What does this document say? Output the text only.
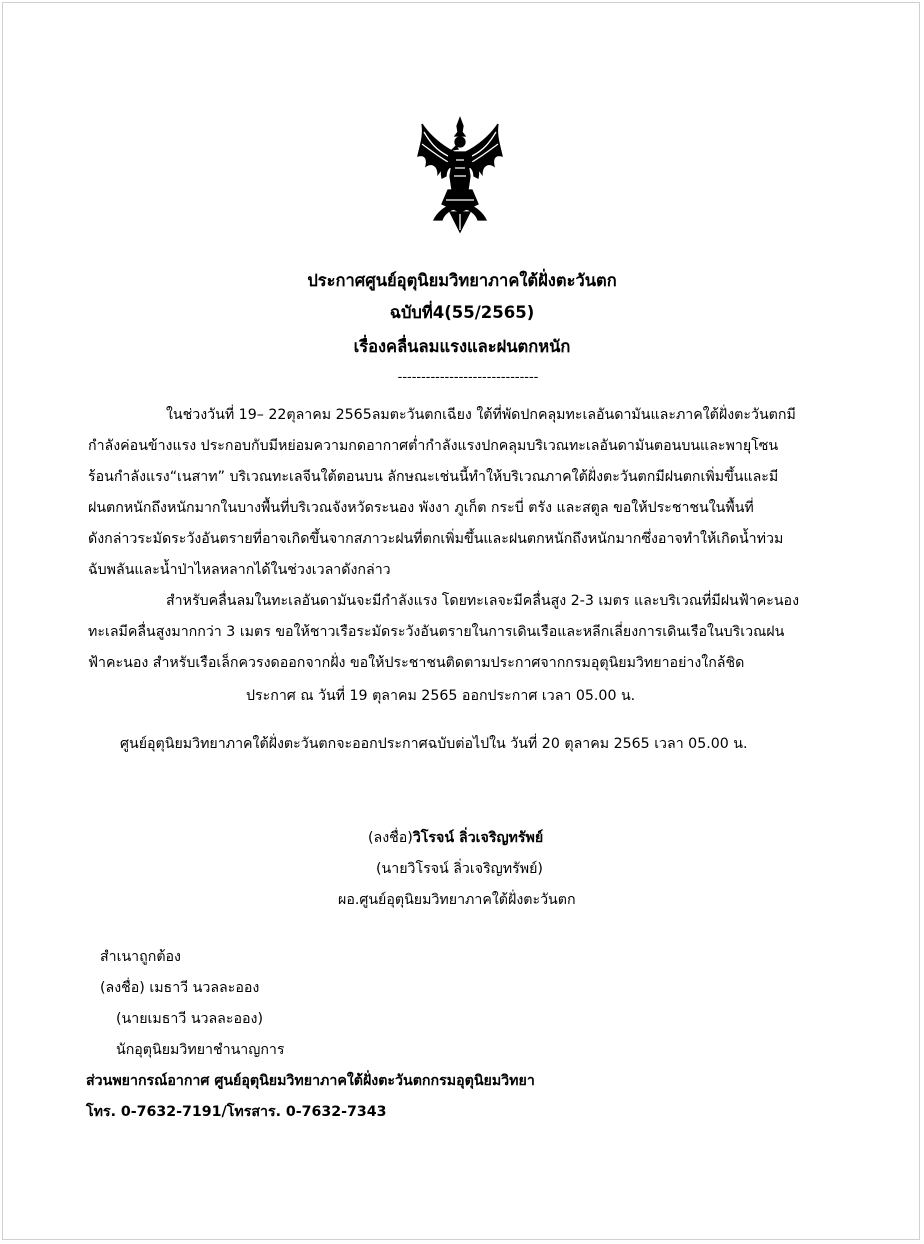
ประกาศศูนย์อุตุนิยมวิทยาภาคใต้ฝั่งตะวันตก
ฉบับที่4(55/2565)
เรื่องคลื่นลมแรงและฝนตกหนัก
------------------------------
ในช่วงวันที่ 19– 22ตุลาคม 2565ลมตะวันตกเฉียง ใต้ที่พัดปกคลุมทะเลอันดามันและภาคใต้ฝั่งตะวันตกมี
กำลังค่อนข้างแรง ประกอบกับมีหย่อมความกดอากาศต่ำกำลังแรงปกคลุมบริเวณทะเลอันดามันตอนบนและพายุโซน
ร้อนกำลังแรง“เนสาท” บริเวณทะเลจีนใต้ตอนบน ลักษณะเช่นนี้ทำให้บริเวณภาคใต้ฝั่งตะวันตกมีฝนตกเพิ่มขึ้นและมี
ฝนตกหนักถึงหนักมากในบางพื้นที่บริเวณจังหวัดระนอง พังงา ภูเก็ต กระบี่ ตรัง และสตูล ขอให้ประชาชนในพื้นที่
ดังกล่าวระมัดระวังอันตรายที่อาจเกิดขึ้นจากสภาวะฝนที่ตกเพิ่มขึ้นและฝนตกหนักถึงหนักมากซึ่งอาจทำให้เกิดน้ำท่วม
ฉับพลันและน้ำป่าไหลหลากได้ในช่วงเวลาดังกล่าว
สำหรับคลื่นลมในทะเลอันดามันจะมีกำลังแรง โดยทะเลจะมีคลื่นสูง 2-3 เมตร และบริเวณที่มีฝนฟ้าคะนอง
ทะเลมีคลื่นสูงมากกว่า 3 เมตร ขอให้ชาวเรือระมัดระวังอันตรายในการเดินเรือและหลีกเลี่ยงการเดินเรือในบริเวณฝน
ฟ้าคะนอง สำหรับเรือเล็กควรงดออกจากฝั่ง ขอให้ประชาชนติดตามประกาศจากกรมอุตุนิยมวิทยาอย่างใกล้ชิด
ประกาศ ณ วันที่ 19 ตุลาคม 2565 ออกประกาศ เวลา 05.00 น.
ศูนย์อุตุนิยมวิทยาภาคใต้ฝั่งตะวันตกจะออกประกาศฉบับต่อไปใน วันที่ 20 ตุลาคม 2565 เวลา 05.00 น.
(ลงชื่อ)วิโรจน์ ลิ่วเจริญทรัพย์
(นายวิโรจน์ ลิ่วเจริญทรัพย์)
ผอ.ศูนย์อุตุนิยมวิทยาภาคใต้ฝั่งตะวันตก
สำเนาถูกต้อง
(ลงชื่อ) เมธาวี นวลละออง
(นายเมธาวี นวลละออง)
นักอุตุนิยมวิทยาชำนาญการ
ส่วนพยากรณ์อากาศ ศูนย์อุตุนิยมวิทยาภาคใต้ฝั่งตะวันตกกรมอุตุนิยมวิทยา
โทร. 0-7632-7191/โทรสาร. 0-7632-7343
